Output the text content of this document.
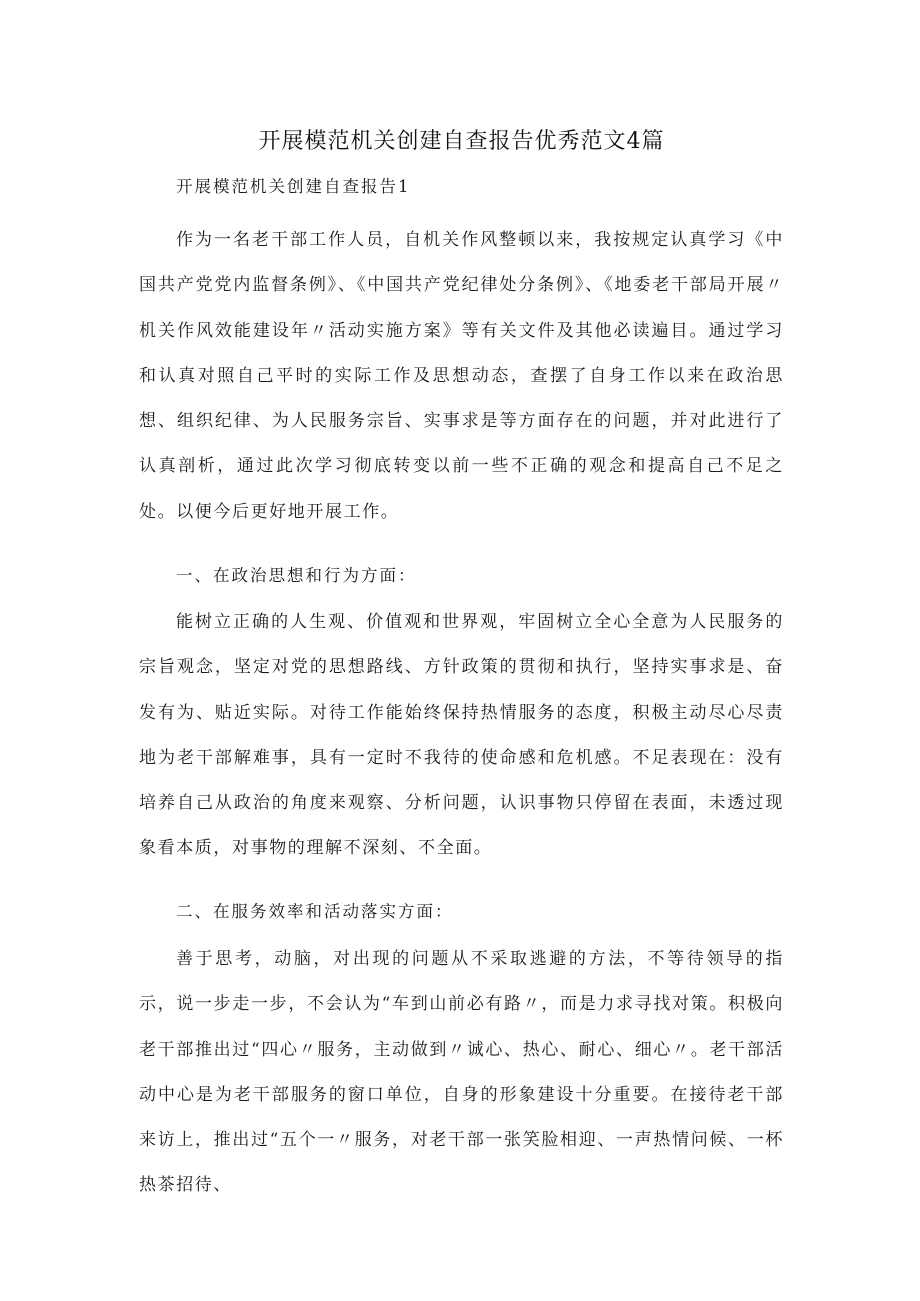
开展模范机关创建自查报告优秀范文4篇
开展模范机关创建自查报告1

作为一名老干部工作人员，自机关作风整顿以来，我按规定认真学习《中国共产党党内监督条例》、《中国共产党纪律处分条例》、《地委老干部局开展〃机关作风效能建设年〃活动实施方案》等有关文件及其他必读遍目。通过学习和认真对照自己平时的实际工作及思想动态，查摆了自身工作以来在政治思想、组织纪律、为人民服务宗旨、实事求是等方面存在的问题，并对此进行了认真剖析，通过此次学习彻底转变以前一些不正确的观念和提高自己不足之处。以便今后更好地开展工作。

一、在政治思想和行为方面：

能树立正确的人生观、价值观和世界观，牢固树立全心全意为人民服务的宗旨观念，坚定对党的思想路线、方针政策的贯彻和执行，坚持实事求是、奋发有为、贴近实际。对待工作能始终保持热情服务的态度，积极主动尽心尽责地为老干部解难事，具有一定时不我待的使命感和危机感。不足表现在：没有培养自己从政治的角度来观察、分析问题，认识事物只停留在表面，未透过现象看本质，对事物的理解不深刻、不全面。

二、在服务效率和活动落实方面：

善于思考，动脑，对出现的问题从不采取逃避的方法，不等待领导的指示，说一步走一步，不会认为“车到山前必有路〃，而是力求寻找对策。积极向老干部推出过“四心〃服务，主动做到〃诚心、热心、耐心、细心〃。老干部活动中心是为老干部服务的窗口单位，自身的形象建设十分重要。在接待老干部来访上，推出过“五个一〃服务，对老干部一张笑脸相迎、一声热情问候、一杯热茶招待、
